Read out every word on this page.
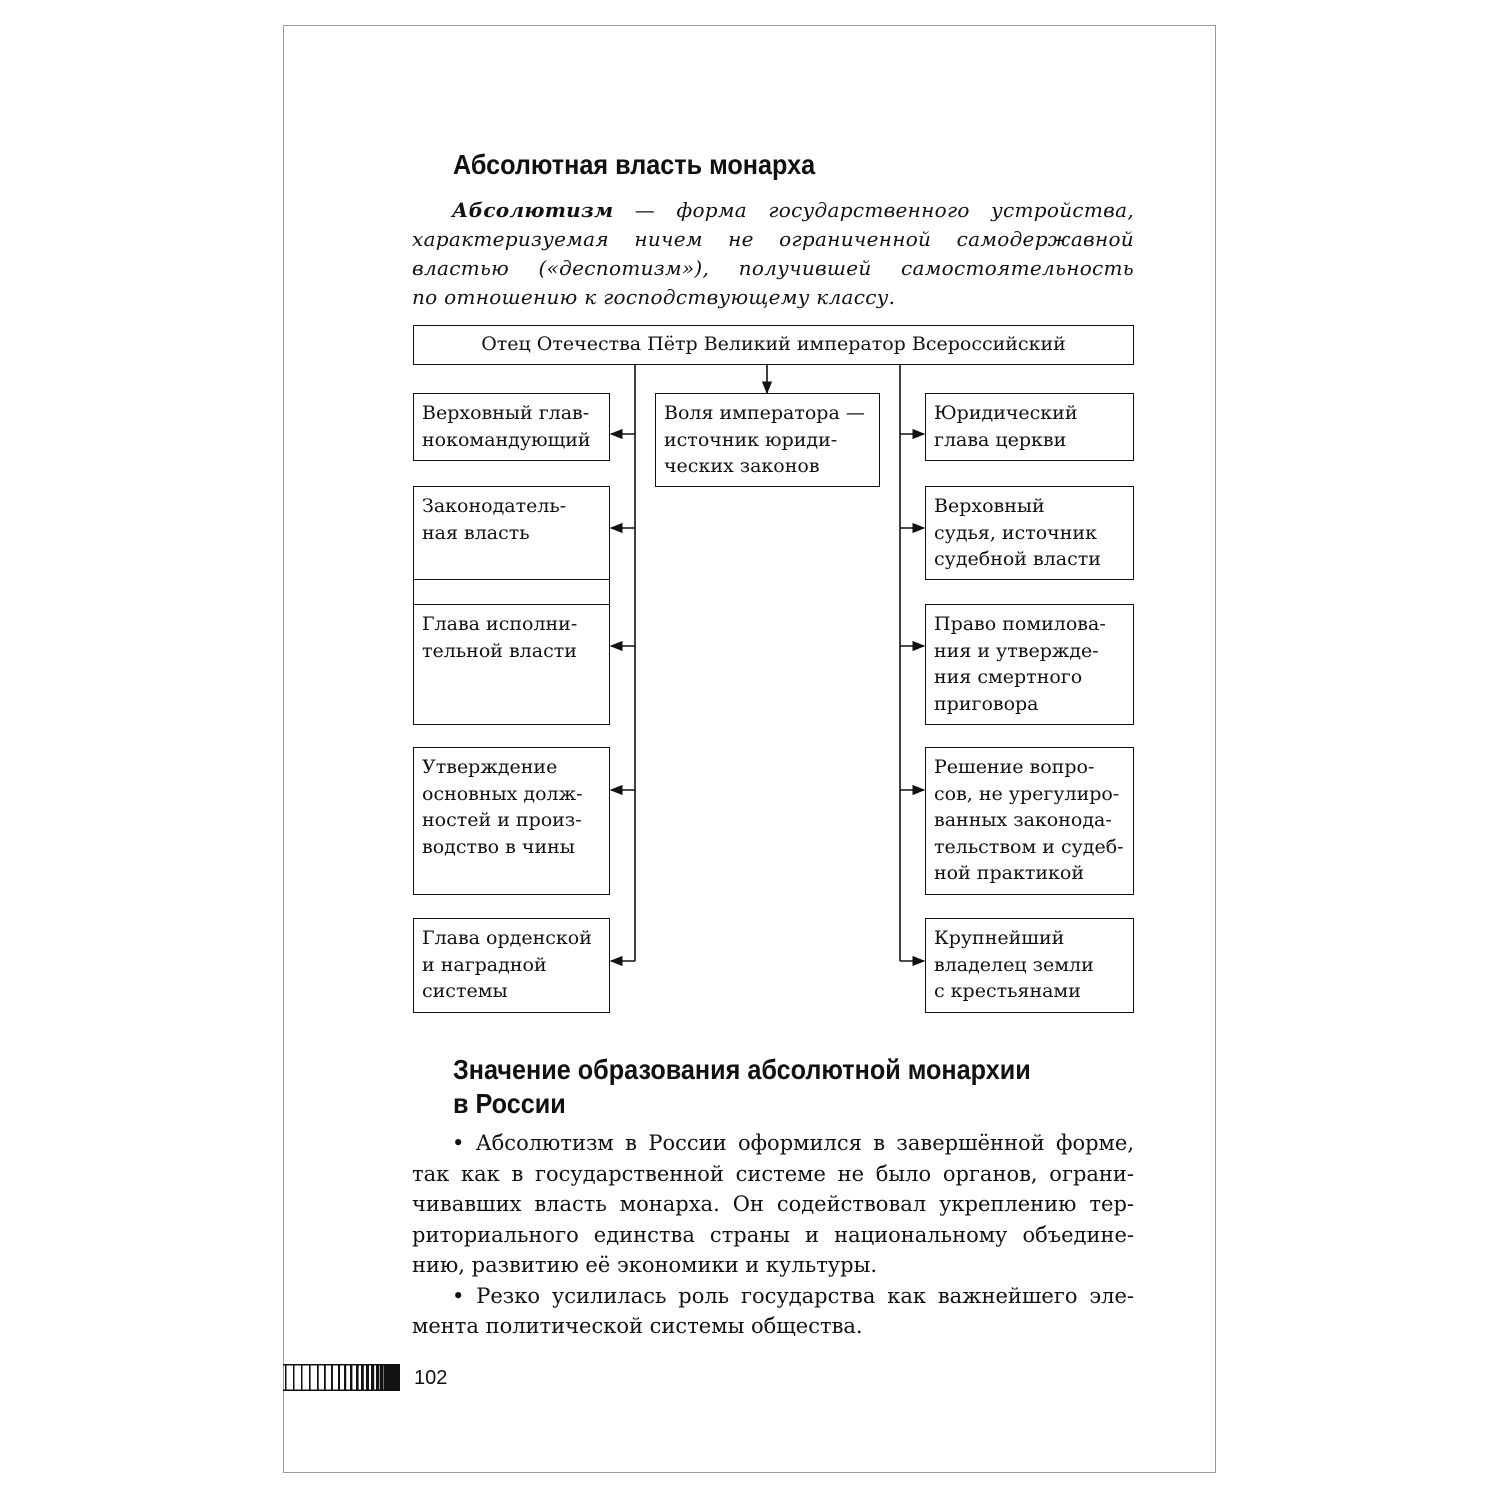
Абсолютная власть монарха
Абсолютизм — форма государственного устройства,
характеризуемая ничем не ограниченной самодержавной
властью («деспотизм»), получившей самостоятельность
по отношению к господствующему классу.
Отец Отечества Пётр Великий император Всероссийский
Воля императора —
источник юриди-
ческих законов
Верховный глав-
нокомандующий
Законодатель-
ная власть
Глава исполни-
тельной власти
Утверждение
основных долж-
ностей и произ-
водство в чины
Глава орденской
и наградной
системы
Юридический
глава церкви
Верховный
судья, источник
судебной власти
Право помилова-
ния и утвержде-
ния смертного
приговора
Решение вопро-
сов, не урегулиро-
ванных законода-
тельством и судеб-
ной практикой
Крупнейший
владелец земли
с крестьянами
Значение образования абсолютной монархии
в России
• Абсолютизм в России оформился в завершённой форме,
так как в государственной системе не было органов, ограни-
чивавших власть монарха. Он содействовал укреплению тер-
риториального единства страны и национальному объедине-
нию, развитию её экономики и культуры.
• Резко усилилась роль государства как важнейшего эле-
мента политической системы общества.
102
